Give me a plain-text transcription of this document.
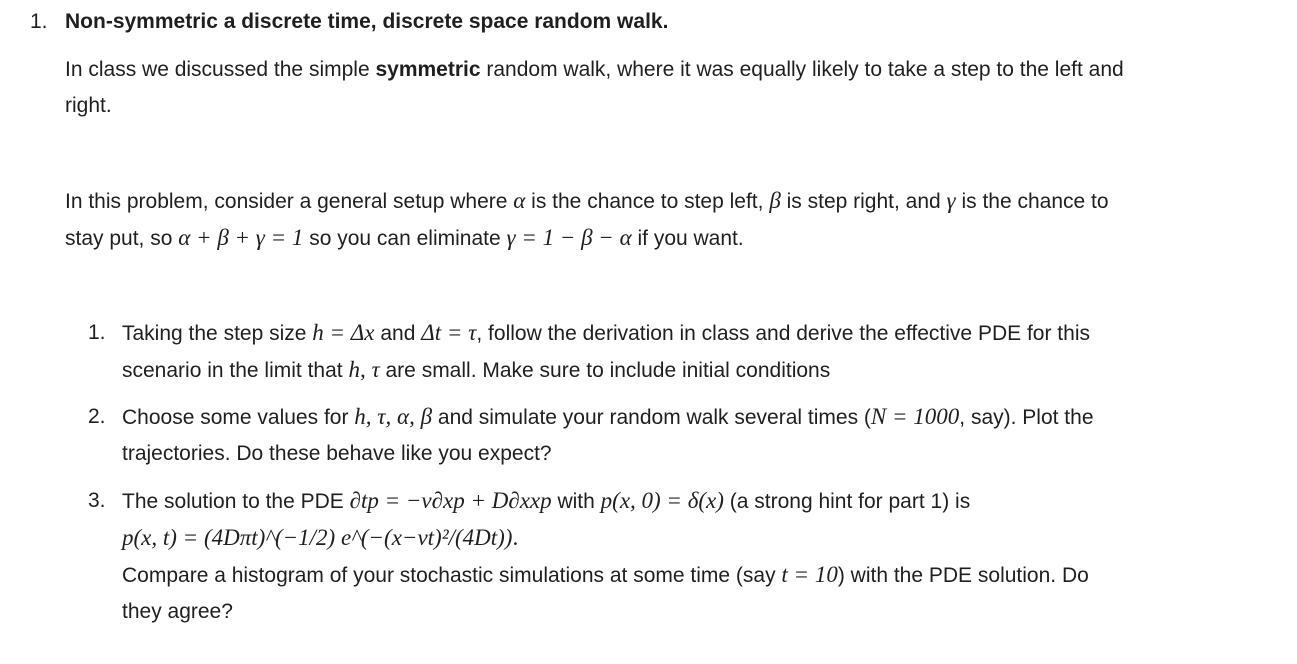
1. Non-symmetric a discrete time, discrete space random walk.
In class we discussed the simple symmetric random walk, where it was equally likely to take a step to the left and
right.
In this problem, consider a general setup where α is the chance to step left, β is step right, and γ is the chance to
stay put, so α + β + γ = 1 so you can eliminate γ = 1 − β − α if you want.
1. Taking the step size h = Δx and Δt = τ, follow the derivation in class and derive the effective PDE for this
scenario in the limit that h, τ are small. Make sure to include initial conditions
2. Choose some values for h, τ, α, β and simulate your random walk several times (N = 1000, say). Plot the
trajectories. Do these behave like you expect?
3. The solution to the PDE ∂tp = −v∂xp + D∂xxp with p(x, 0) = δ(x) (a strong hint for part 1) is
p(x, t) = (4Dπt)^(−1/2) e^(−(x−vt)²/(4Dt)).
Compare a histogram of your stochastic simulations at some time (say t = 10) with the PDE solution. Do
they agree?
